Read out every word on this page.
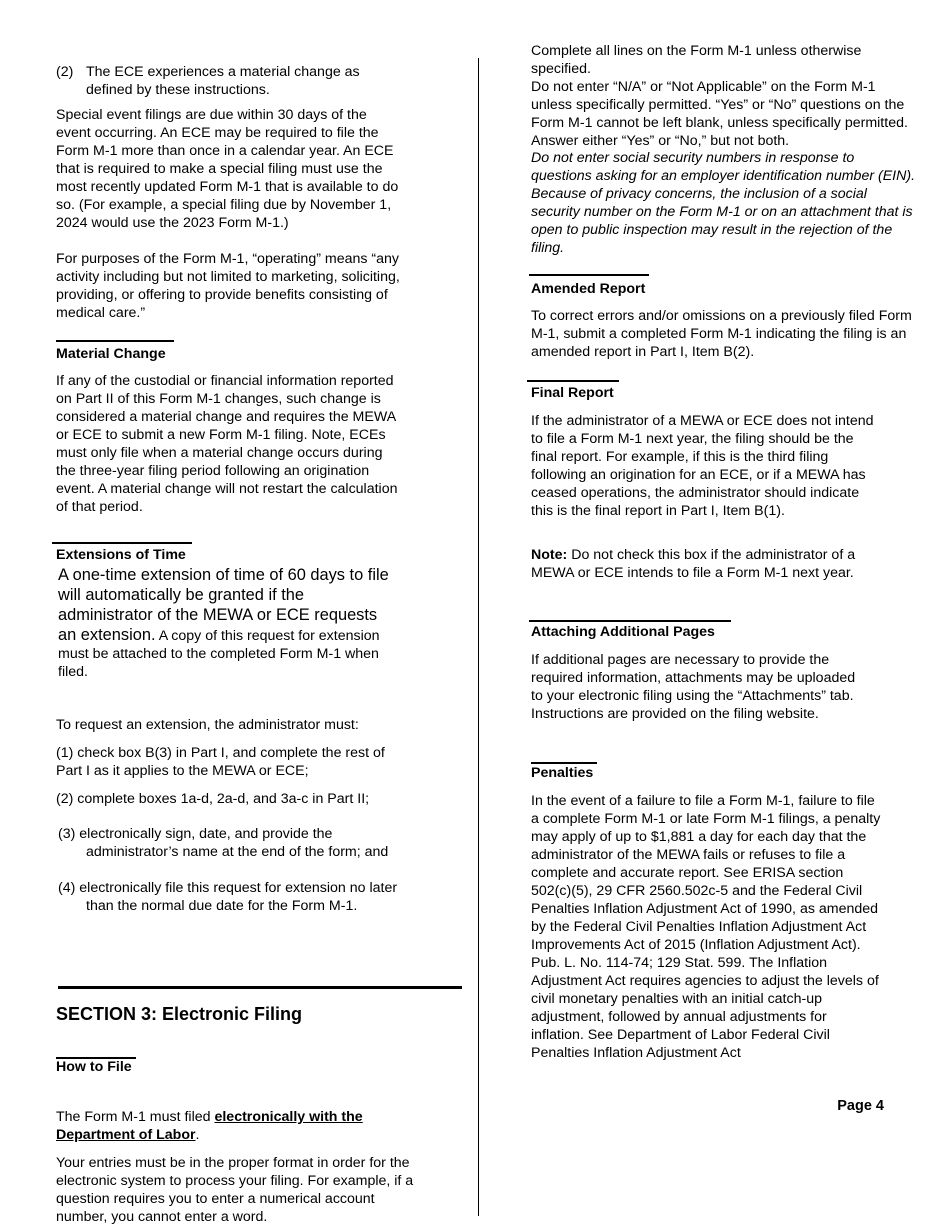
(2) The ECE experiences a material change as defined by these instructions.

Special event filings are due within 30 days of the event occurring. An ECE may be required to file the Form M-1 more than once in a calendar year. An ECE that is required to make a special filing must use the most recently updated Form M-1 that is available to do so. (For example, a special filing due by November 1, 2024 would use the 2023 Form M-1.)

For purposes of the Form M-1, “operating” means “any activity including but not limited to marketing, soliciting, providing, or offering to provide benefits consisting of medical care.”

Material Change

If any of the custodial or financial information reported on Part II of this Form M-1 changes, such change is considered a material change and requires the MEWA or ECE to submit a new Form M-1 filing. Note, ECEs must only file when a material change occurs during the three-year filing period following an origination event. A material change will not restart the calculation of that period.

Extensions of Time

A one-time extension of time of 60 days to file will automatically be granted if the administrator of the MEWA or ECE requests an extension. A copy of this request for extension must be attached to the completed Form M-1 when filed.

To request an extension, the administrator must:

(1) check box B(3) in Part I, and complete the rest of Part I as it applies to the MEWA or ECE;

(2) complete boxes 1a-d, 2a-d, and 3a-c in Part II;

(3) electronically sign, date, and provide the administrator’s name at the end of the form; and

(4) electronically file this request for extension no later than the normal due date for the Form M-1.

SECTION 3: Electronic Filing
How to File

The Form M-1 must filed electronically with the Department of Labor.

Your entries must be in the proper format in order for the electronic system to process your filing. For example, if a question requires you to enter a numerical account number, you cannot enter a word.

Complete all lines on the Form M-1 unless otherwise specified.

Do not enter “N/A” or “Not Applicable” on the Form M-1 unless specifically permitted. “Yes” or “No” questions on the Form M-1 cannot be left blank, unless specifically permitted. Answer either “Yes” or “No,” but not both.

Do not enter social security numbers in response to questions asking for an employer identification number (EIN). Because of privacy concerns, the inclusion of a social security number on the Form M-1 or on an attachment that is open to public inspection may result in the rejection of the filing.

Amended Report

To correct errors and/or omissions on a previously filed Form M-1, submit a completed Form M-1 indicating the filing is an amended report in Part I, Item B(2).

Final Report

If the administrator of a MEWA or ECE does not intend to file a Form M-1 next year, the filing should be the final report. For example, if this is the third filing following an origination for an ECE, or if a MEWA has ceased operations, the administrator should indicate this is the final report in Part I, Item B(1).

Note: Do not check this box if the administrator of a MEWA or ECE intends to file a Form M-1 next year.

Attaching Additional Pages

If additional pages are necessary to provide the required information, attachments may be uploaded to your electronic filing using the “Attachments” tab. Instructions are provided on the filing website.

Penalties

In the event of a failure to file a Form M-1, failure to file a complete Form M-1 or late Form M-1 filings, a penalty may apply of up to $1,881 a day for each day that the administrator of the MEWA fails or refuses to file a complete and accurate report. See ERISA section 502(c)(5), 29 CFR 2560.502c-5 and the Federal Civil Penalties Inflation Adjustment Act of 1990, as amended by the Federal Civil Penalties Inflation Adjustment Act Improvements Act of 2015 (Inflation Adjustment Act). Pub. L. No. 114-74; 129 Stat. 599. The Inflation Adjustment Act requires agencies to adjust the levels of civil monetary penalties with an initial catch-up adjustment, followed by annual adjustments for inflation. See Department of Labor Federal Civil Penalties Inflation Adjustment Act

Page 4
